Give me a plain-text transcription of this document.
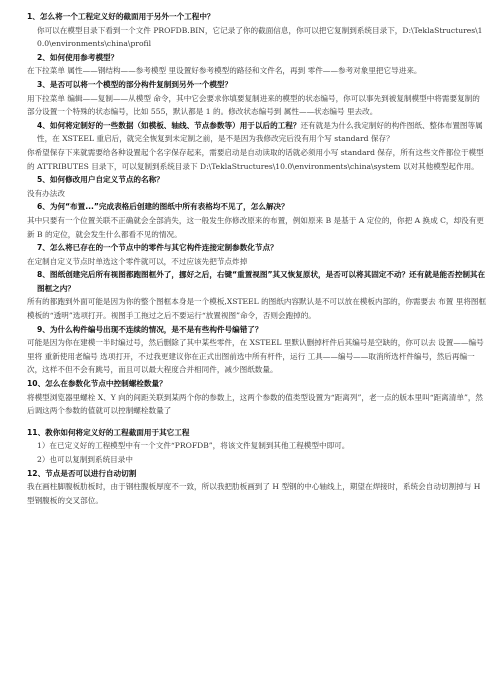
1、怎么将一个工程定义好的截面用于另外一个工程中？

你可以在模型目录下看到一个文件 PROFDB.BIN，它记录了你的截面信息，你可以把它复制到系统目录下，D:\TeklaStructures\10.0\environments\china\profil

2、如何使用参考模型？

在下拉菜单 属性——钢结构——参考模型 里设置好参考模型的路径和文件名，再到 零件——参考对象里把它导进来。

3、是否可以将一个模型的部分构件复制到另外一个模型？

用下拉菜单 编辑——复制——从模型 命令，其中它会要求你填要复制进来的模型的状态编号，你可以事先到被复制模型中将需要复制的部分设置一个特殊的状态编号，比如 555，默认都是 1 的。修改状态编号到 属性——状态编号 里去改。

4、如何将定制好的一些数据（如模板、轴线、节点参数等）用于以后的工程？还有就是为什么我定制好的构件图纸、整体布置图等属性，在 XSTEEL 重启后，就完全恢复到未定制之前，是不是因为我修改完后没有用个写 standard 保存？

你希望保存下来就需要给各种设置起个名字保存起来，需要启动是自动读取的话就必须用小写 standard 保存，所有这些文件都位于模型的 ATTRIBUTES 目录下，可以复制到系统目录下 D:\TeklaStructures\10.0\environments\china\system 以对其他模型起作用。

5、如何修改用户自定义节点的名称？

没有办法改

6、为何“布置...”完成表格后创建的图纸中所有表格均不见了，怎么解决？

其中只要有一个位置关联不正确就会全部消失，这一般发生你修改原来的布置，例如原来 B 是基于 A 定位的，你把 A 换成 C，却没有更新 B 的定位，就会发生什么都看不见的情况。

7、怎么将已存在的一个节点中的零件与其它构件连接定制参数化节点？

在定制自定义节点时单选这个零件就可以，不过应该先把节点炸掉

8、图纸创建完后所有视图都跑图框外了，挪好之后，右键“重置视图”其又恢复原状，是否可以将其固定不动？还有就是能否控制其在图框之内？

所有的都跑到外面可能是因为你的整个图框本身是一个模板,XSTEEL 的图纸内容默认是不可以放在模板内部的，你需要去 布置 里将图框模板的“透明”选项打开。视图手工拖过之后不要运行“放置视图”命令，否则会跑掉的。

9、为什么构件编号出现不连续的情况，是不是有些构件号编错了？

可能是因为你在建模一半时编过号，然后删除了其中某些零件，在 XSTEEL 里默认删掉杆件后其编号是空缺的，你可以去 设置——编号里将 重新使用老编号 选项打开，不过我更建议你在正式出图前选中所有杆件，运行 工具——编号——取消所选杆件编号，然后再编一次，这样不但不会有跳号，而且可以最大程度合并相同件，减少图纸数量。

10、怎么在参数化节点中控制螺栓数量？

将模型浏览器里螺栓 X、Y 向的间距关联到某两个你的参数上，这两个参数的值类型设置为“距离列”，老一点的版本里叫“距离清单”，然后调这两个参数的值就可以控制螺栓数量了

11、教你如何将定义好的工程截面用于其它工程

1）在已定义好的工程模型中有一个文件“PROFDB”，将该文件复制到其他工程模型中即可。

2）也可以复制到系统目录中

12、节点是否可以进行自动切割

我在画柱脚腹板肋板时，由于钢柱腹板厚度不一致，所以我把肋板画到了 H 型钢的中心轴线上，期望在焊接时，系统会自动切割掉与 H 型钢腹板的交叉部位。
